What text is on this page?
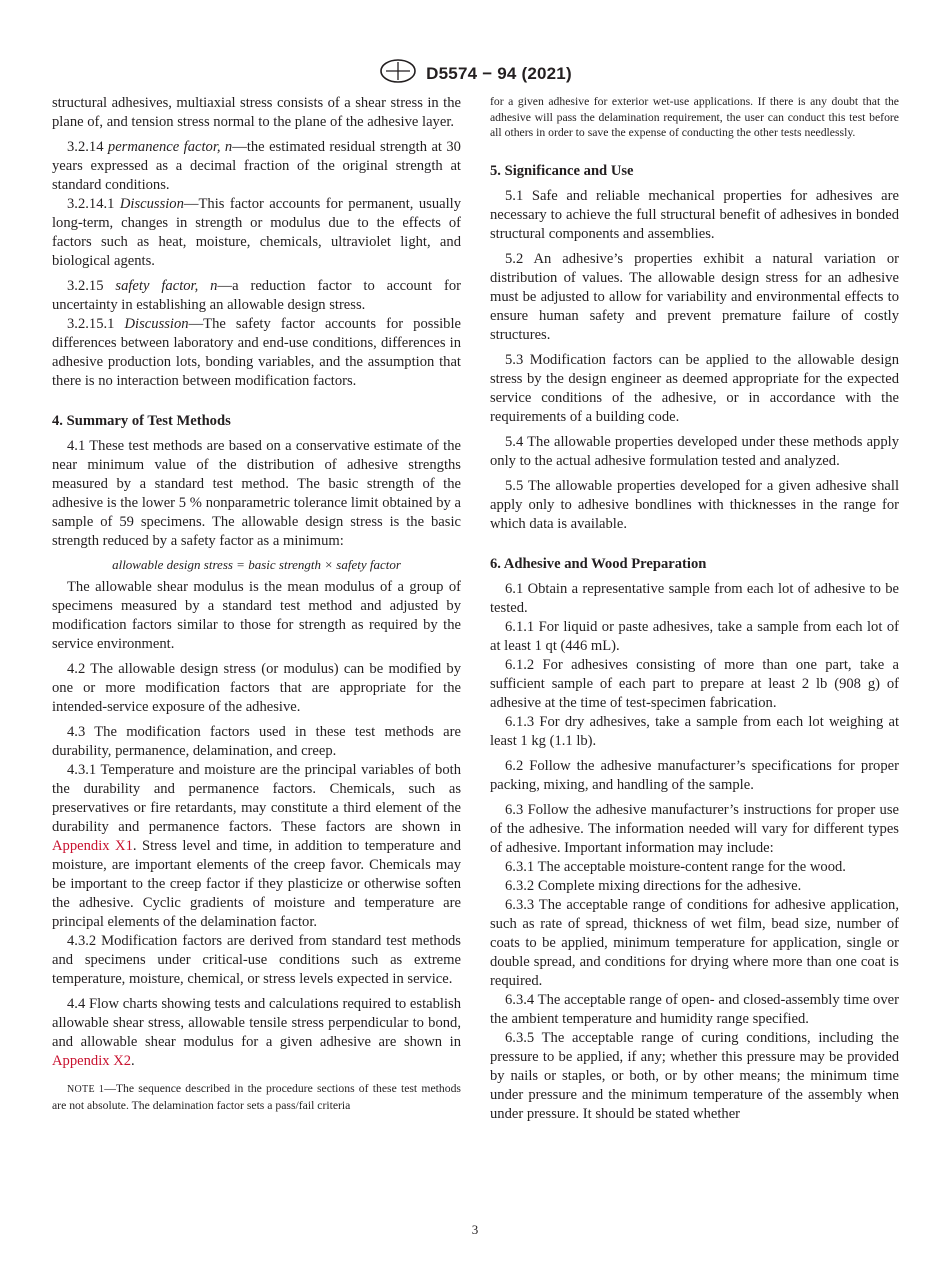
D5574 − 94 (2021)

structural adhesives, multiaxial stress consists of a shear stress in the plane of, and tension stress normal to the plane of the adhesive layer.

3.2.14 permanence factor, n—the estimated residual strength at 30 years expressed as a decimal fraction of the original strength at standard conditions.

3.2.14.1 Discussion—This factor accounts for permanent, usually long-term, changes in strength or modulus due to the effects of factors such as heat, moisture, chemicals, ultraviolet light, and biological agents.

3.2.15 safety factor, n—a reduction factor to account for uncertainty in establishing an allowable design stress.

3.2.15.1 Discussion—The safety factor accounts for possible differences between laboratory and end-use conditions, differences in adhesive production lots, bonding variables, and the assumption that there is no interaction between modification factors.

4. Summary of Test Methods

4.1 These test methods are based on a conservative estimate of the near minimum value of the distribution of adhesive strengths measured by a standard test method. The basic strength of the adhesive is the lower 5 % nonparametric tolerance limit obtained by a sample of 59 specimens. The allowable design stress is the basic strength reduced by a safety factor as a minimum:

allowable design stress = basic strength × safety factor

The allowable shear modulus is the mean modulus of a group of specimens measured by a standard test method and adjusted by modification factors similar to those for strength as required by the service environment.

4.2 The allowable design stress (or modulus) can be modified by one or more modification factors that are appropriate for the intended-service exposure of the adhesive.

4.3 The modification factors used in these test methods are durability, permanence, delamination, and creep.

4.3.1 Temperature and moisture are the principal variables of both the durability and permanence factors. Chemicals, such as preservatives or fire retardants, may constitute a third element of the durability and permanence factors. These factors are shown in Appendix X1. Stress level and time, in addition to temperature and moisture, are important elements of the creep favor. Chemicals may be important to the creep factor if they plasticize or otherwise soften the adhesive. Cyclic gradients of moisture and temperature are principal elements of the delamination factor.

4.3.2 Modification factors are derived from standard test methods and specimens under critical-use conditions such as extreme temperature, moisture, chemical, or stress levels expected in service.

4.4 Flow charts showing tests and calculations required to establish allowable shear stress, allowable tensile stress perpendicular to bond, and allowable shear modulus for a given adhesive are shown in Appendix X2.

NOTE 1—The sequence described in the procedure sections of these test methods are not absolute. The delamination factor sets a pass/fail criteria

for a given adhesive for exterior wet-use applications. If there is any doubt that the adhesive will pass the delamination requirement, the user can conduct this test before all others in order to save the expense of conducting the other tests needlessly.

5. Significance and Use

5.1 Safe and reliable mechanical properties for adhesives are necessary to achieve the full structural benefit of adhesives in bonded structural components and assemblies.

5.2 An adhesive’s properties exhibit a natural variation or distribution of values. The allowable design stress for an adhesive must be adjusted to allow for variability and environmental effects to ensure human safety and prevent premature failure of costly structures.

5.3 Modification factors can be applied to the allowable design stress by the design engineer as deemed appropriate for the expected service conditions of the adhesive, or in accordance with the requirements of a building code.

5.4 The allowable properties developed under these methods apply only to the actual adhesive formulation tested and analyzed.

5.5 The allowable properties developed for a given adhesive shall apply only to adhesive bondlines with thicknesses in the range for which data is available.

6. Adhesive and Wood Preparation

6.1 Obtain a representative sample from each lot of adhesive to be tested.

6.1.1 For liquid or paste adhesives, take a sample from each lot of at least 1 qt (446 mL).

6.1.2 For adhesives consisting of more than one part, take a sufficient sample of each part to prepare at least 2 lb (908 g) of adhesive at the time of test-specimen fabrication.

6.1.3 For dry adhesives, take a sample from each lot weighing at least 1 kg (1.1 lb).

6.2 Follow the adhesive manufacturer’s specifications for proper packing, mixing, and handling of the sample.

6.3 Follow the adhesive manufacturer’s instructions for proper use of the adhesive. The information needed will vary for different types of adhesive. Important information may include:

6.3.1 The acceptable moisture-content range for the wood.

6.3.2 Complete mixing directions for the adhesive.

6.3.3 The acceptable range of conditions for adhesive application, such as rate of spread, thickness of wet film, bead size, number of coats to be applied, minimum temperature for application, single or double spread, and conditions for drying where more than one coat is required.

6.3.4 The acceptable range of open- and closed-assembly time over the ambient temperature and humidity range specified.

6.3.5 The acceptable range of curing conditions, including the pressure to be applied, if any; whether this pressure may be provided by nails or staples, or both, or by other means; the minimum time under pressure and the minimum temperature of the assembly when under pressure. It should be stated whether

3
